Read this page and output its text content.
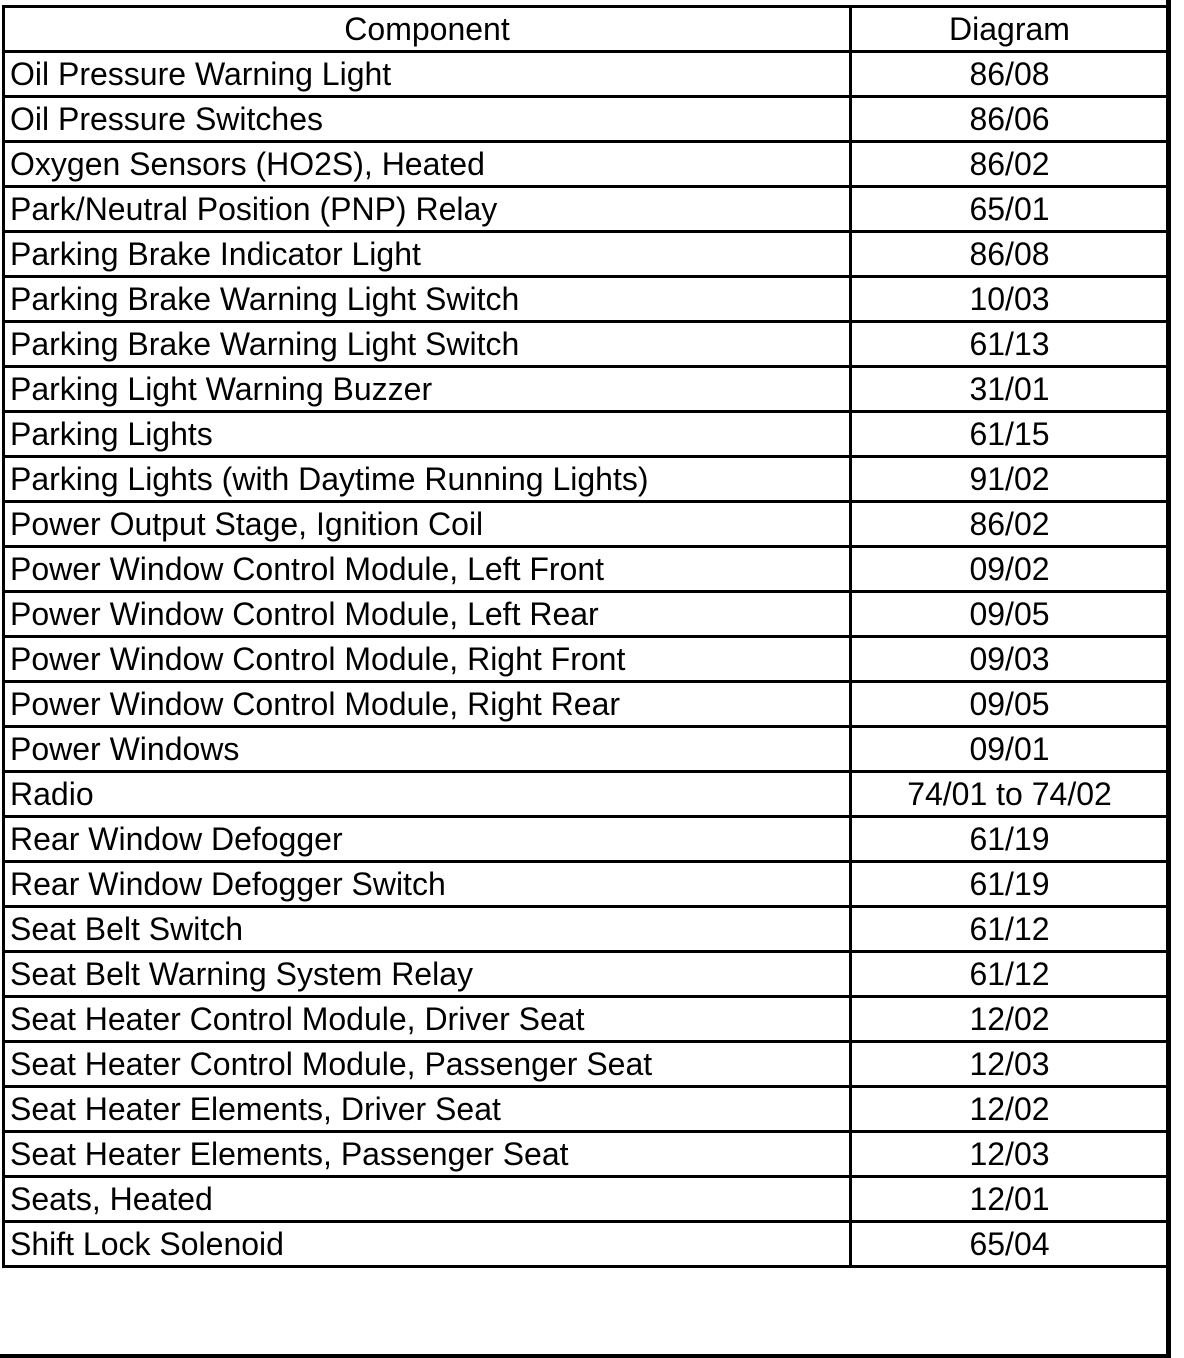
Component	Diagram
Oil Pressure Warning Light	86/08
Oil Pressure Switches	86/06
Oxygen Sensors (HO2S), Heated	86/02
Park/Neutral Position (PNP) Relay	65/01
Parking Brake Indicator Light	86/08
Parking Brake Warning Light Switch	10/03
Parking Brake Warning Light Switch	61/13
Parking Light Warning Buzzer	31/01
Parking Lights	61/15
Parking Lights (with Daytime Running Lights)	91/02
Power Output Stage, Ignition Coil	86/02
Power Window Control Module, Left Front	09/02
Power Window Control Module, Left Rear	09/05
Power Window Control Module, Right Front	09/03
Power Window Control Module, Right Rear	09/05
Power Windows	09/01
Radio	74/01 to 74/02
Rear Window Defogger	61/19
Rear Window Defogger Switch	61/19
Seat Belt Switch	61/12
Seat Belt Warning System Relay	61/12
Seat Heater Control Module, Driver Seat	12/02
Seat Heater Control Module, Passenger Seat	12/03
Seat Heater Elements, Driver Seat	12/02
Seat Heater Elements, Passenger Seat	12/03
Seats, Heated	12/01
Shift Lock Solenoid	65/04
